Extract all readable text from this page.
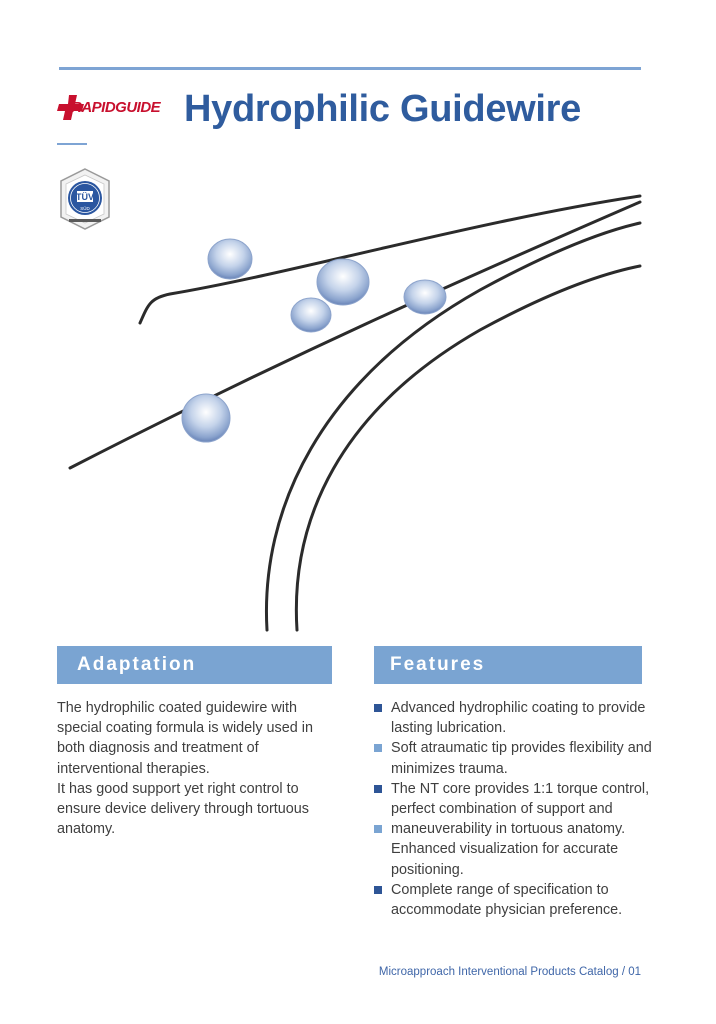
RAPIDGUIDE Hydrophilic Guidewire
TÜV
SÜD
Adaptation	Features

The hydrophilic coated guidewire with special coating formula is widely used in both diagnosis and treatment of interventional therapies.

It has good support yet right control to ensure device delivery through tortuous anatomy.

Advanced hydrophilic coating to provide lasting lubrication.
Soft atraumatic tip provides flexibility and minimizes trauma.
The NT core provides 1:1 torque control, perfect combination of support and
maneuverability in tortuous anatomy. Enhanced visualization for accurate positioning.
Complete range of specification to accommodate physician preference.
Microapproach Interventional Products Catalog / 01
